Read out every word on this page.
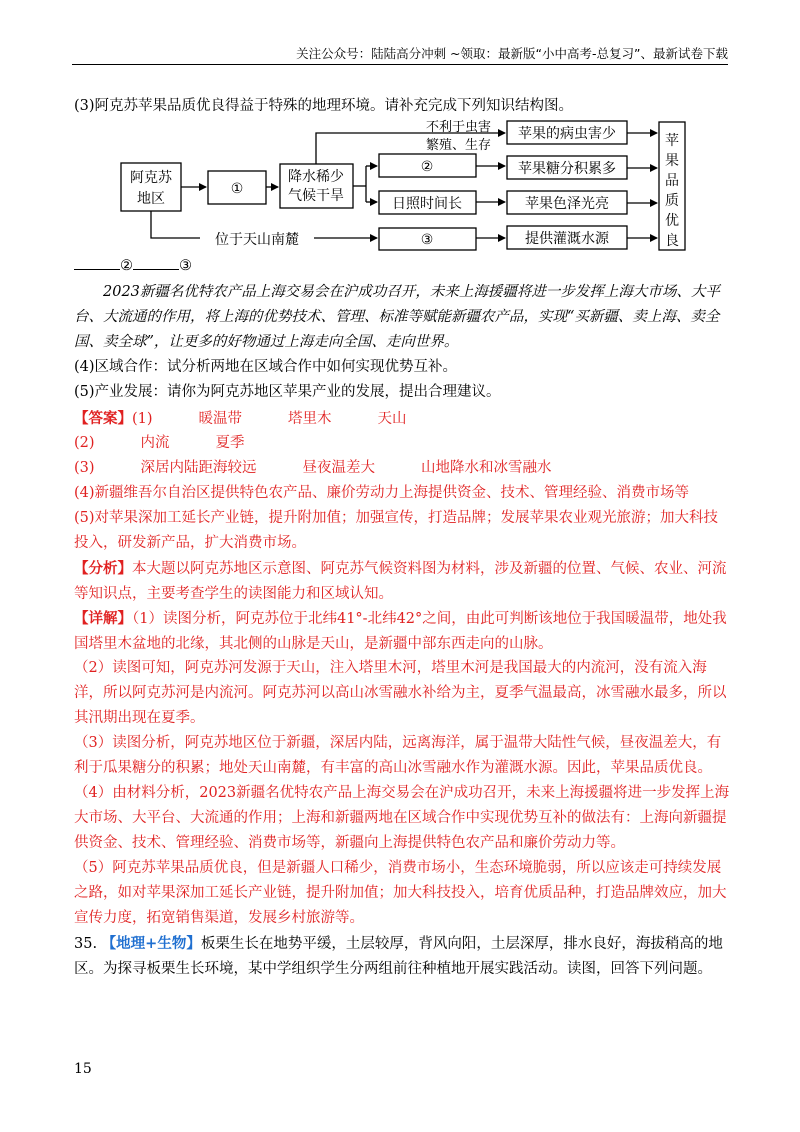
关注公众号：陆陆高分冲刺 ~领取：最新版“小中高考-总复习”、最新试卷下载
(3)阿克苏苹果品质优良得益于特殊的地理环境。请补充完成下列知识结构图。
阿克苏
地区
①
降水稀少
气候干旱
不利于虫害
繁殖、生存
②
日照时间长
位于天山南麓	③
苹果的病虫害少
苹果糖分积累多
苹果色泽光亮
提供灌溉水源
苹
果
品
质
优
良
②	③
2023新疆名优特农产品上海交易会在沪成功召开，未来上海援疆将进一步发挥上海大市场、大平台、大流通的作用，将上海的优势技术、管理、标准等赋能新疆农产品，实现“买新疆、卖上海、卖全国、卖全球”，让更多的好物通过上海走向全国、走向世界。
(4)区域合作：试分析两地在区域合作中如何实现优势互补。
(5)产业发展：请你为阿克苏地区苹果产业的发展，提出合理建议。
【答案】(1)	暖温带	塔里木	天山
(2)	内流	夏季
(3)	深居内陆距海较远	昼夜温差大	山地降水和冰雪融水
(4)新疆维吾尔自治区提供特色农产品、廉价劳动力上海提供资金、技术、管理经验、消费市场等
(5)对苹果深加工延长产业链，提升附加值；加强宣传，打造品牌；发展苹果农业观光旅游；加大科技投入，研发新产品，扩大消费市场。
【分析】本大题以阿克苏地区示意图、阿克苏气候资料图为材料，涉及新疆的位置、气候、农业、河流等知识点，主要考查学生的读图能力和区域认知。
【详解】（1）读图分析，阿克苏位于北纬41°-北纬42°之间，由此可判断该地位于我国暖温带，地处我国塔里木盆地的北缘，其北侧的山脉是天山，是新疆中部东西走向的山脉。
（2）读图可知，阿克苏河发源于天山，注入塔里木河，塔里木河是我国最大的内流河，没有流入海洋，所以阿克苏河是内流河。阿克苏河以高山冰雪融水补给为主，夏季气温最高，冰雪融水最多，所以其汛期出现在夏季。
（3）读图分析，阿克苏地区位于新疆，深居内陆，远离海洋，属于温带大陆性气候，昼夜温差大，有利于瓜果糖分的积累；地处天山南麓，有丰富的高山冰雪融水作为灌溉水源。因此，苹果品质优良。
（4）由材料分析，2023新疆名优特农产品上海交易会在沪成功召开，未来上海援疆将进一步发挥上海大市场、大平台、大流通的作用；上海和新疆两地在区域合作中实现优势互补的做法有：上海向新疆提供资金、技术、管理经验、消费市场等，新疆向上海提供特色农产品和廉价劳动力等。
（5）阿克苏苹果品质优良，但是新疆人口稀少，消费市场小，生态环境脆弱，所以应该走可持续发展之路，如对苹果深加工延长产业链，提升附加值；加大科技投入，培育优质品种，打造品牌效应，加大宣传力度，拓宽销售渠道，发展乡村旅游等。
35. 【地理+生物】板栗生长在地势平缓，土层较厚，背风向阳，土层深厚，排水良好，海拔稍高的地区。为探寻板栗生长环境，某中学组织学生分两组前往种植地开展实践活动。读图，回答下列问题。
15
